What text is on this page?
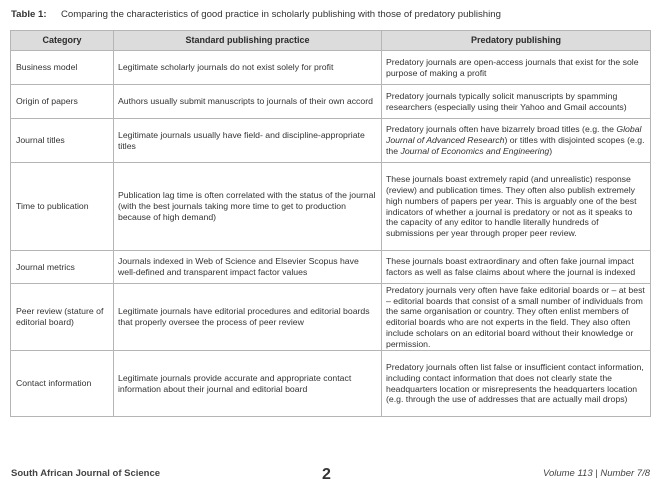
Table 1: Comparing the characteristics of good practice in scholarly publishing with those of predatory publishing
Category	Standard publishing practice	Predatory publishing
Business model	Legitimate scholarly journals do not exist solely for profit	Predatory journals are open-access journals that exist for the sole purpose of making a profit
Origin of papers	Authors usually submit manuscripts to journals of their own accord	Predatory journals typically solicit manuscripts by spamming researchers (especially using their Yahoo and Gmail accounts)
Journal titles	Legitimate journals usually have field- and discipline-appropriate titles	Predatory journals often have bizarrely broad titles (e.g. the Global Journal of Advanced Research) or titles with disjointed scopes (e.g. the Journal of Economics and Engineering)
Time to publication	Publication lag time is often correlated with the status of the journal (with the best journals taking more time to get to production because of high demand)	These journals boast extremely rapid (and unrealistic) response (review) and publication times. They often also publish extremely high numbers of papers per year. This is arguably one of the best indicators of whether a journal is predatory or not as it speaks to the capacity of any editor to handle literally hundreds of submissions per year through proper peer review.
Journal metrics	Journals indexed in Web of Science and Elsevier Scopus have well-defined and transparent impact factor values	These journals boast extraordinary and often fake journal impact factors as well as false claims about where the journal is indexed
Peer review (stature of editorial board)	Legitimate journals have editorial procedures and editorial boards that properly oversee the process of peer review	Predatory journals very often have fake editorial boards or – at best – editorial boards that consist of a small number of individuals from the same organisation or country. They often enlist members of editorial boards who are not experts in the field. They also often include scholars on an editorial board without their knowledge or permission.
Contact information	Legitimate journals provide accurate and appropriate contact information about their journal and editorial board	Predatory journals often list false or insufficient contact information, including contact information that does not clearly state the headquarters location or misrepresents the headquarters location (e.g. through the use of addresses that are actually mail drops)
South African Journal of Science	2	Volume 113 | Number 7/8
